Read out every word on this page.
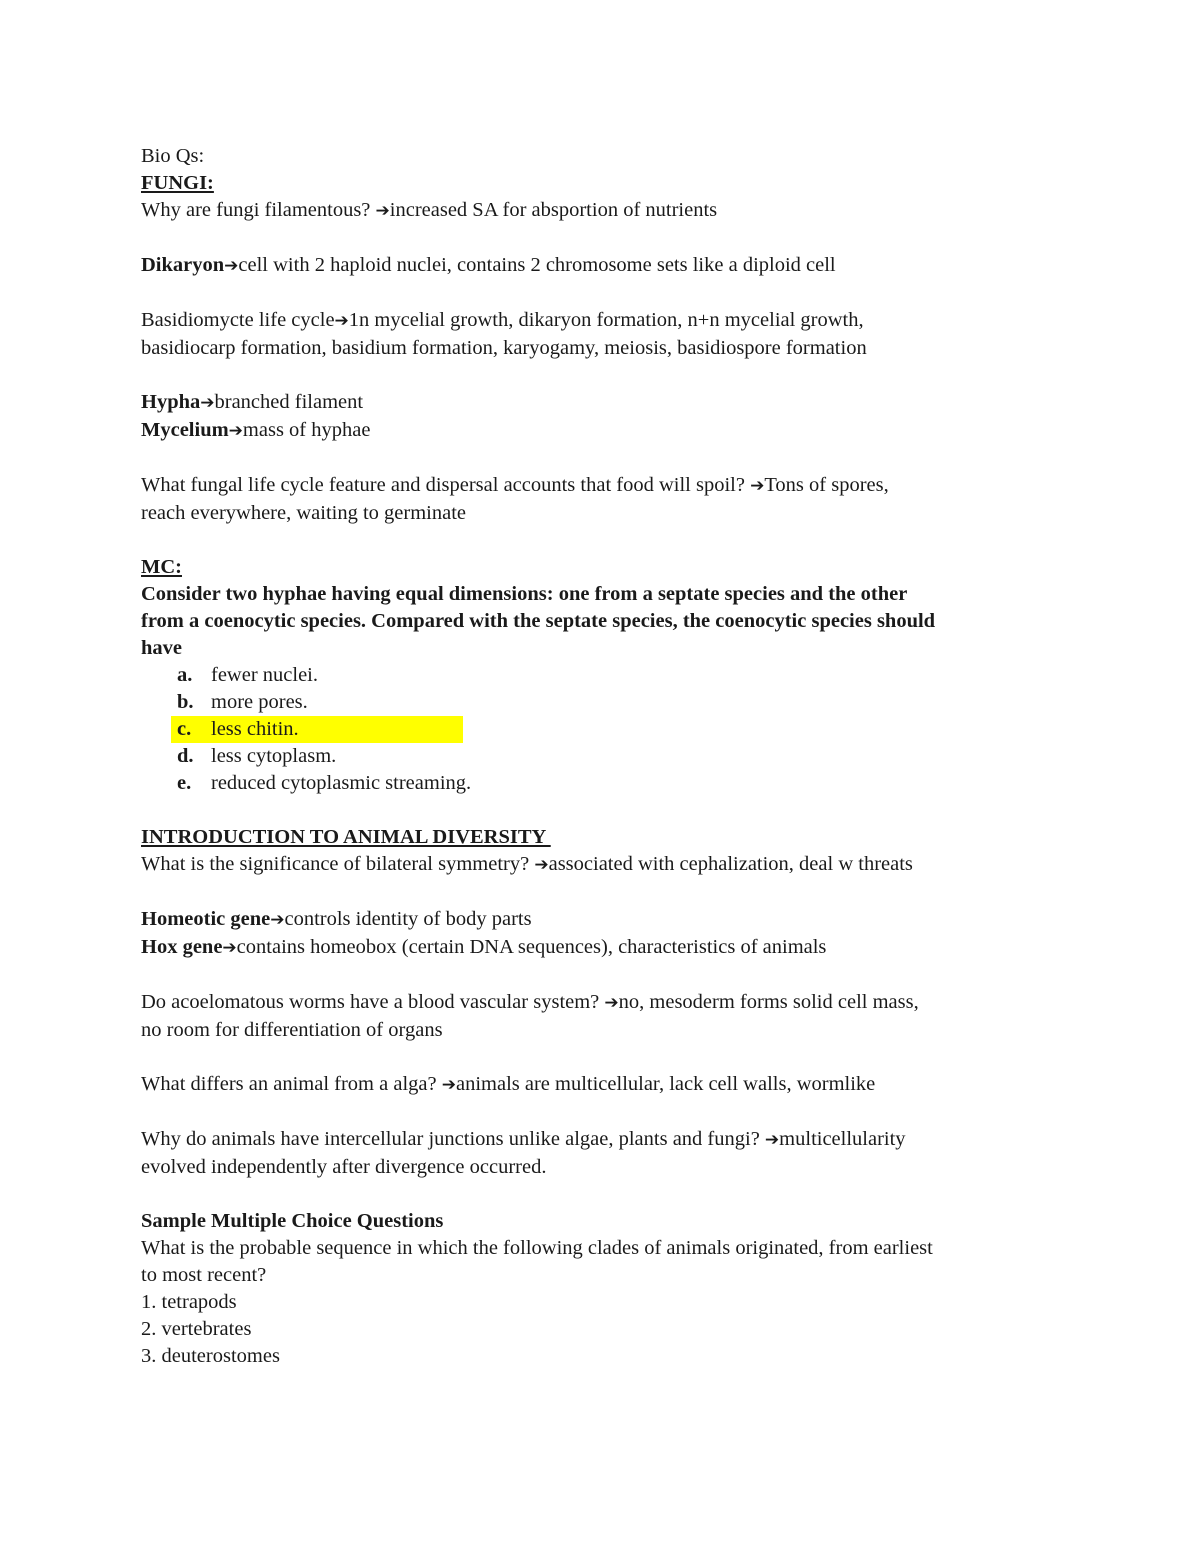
Bio Qs:
FUNGI:
Why are fungi filamentous? ➔increased SA for absportion of nutrients
Dikaryon➔cell with 2 haploid nuclei, contains 2 chromosome sets like a diploid cell
Basidiomycte life cycle➔1n mycelial growth, dikaryon formation, n+n mycelial growth,
basidiocarp formation, basidium formation, karyogamy, meiosis, basidiospore formation
Hypha➔branched filament
Mycelium➔mass of hyphae
What fungal life cycle feature and dispersal accounts that food will spoil? ➔Tons of spores,
reach everywhere, waiting to germinate
MC:
Consider two hyphae having equal dimensions: one from a septate species and the other
from a coenocytic species. Compared with the septate species, the coenocytic species should
have
a. fewer nuclei.
b. more pores.
c. less chitin.
d. less cytoplasm.
e. reduced cytoplasmic streaming.
INTRODUCTION TO ANIMAL DIVERSITY
What is the significance of bilateral symmetry? ➔associated with cephalization, deal w threats
Homeotic gene➔controls identity of body parts
Hox gene➔contains homeobox (certain DNA sequences), characteristics of animals
Do acoelomatous worms have a blood vascular system? ➔no, mesoderm forms solid cell mass,
no room for differentiation of organs
What differs an animal from a alga? ➔animals are multicellular, lack cell walls, wormlike
Why do animals have intercellular junctions unlike algae, plants and fungi? ➔multicellularity
evolved independently after divergence occurred.
Sample Multiple Choice Questions
What is the probable sequence in which the following clades of animals originated, from earliest
to most recent?
1. tetrapods
2. vertebrates
3. deuterostomes
